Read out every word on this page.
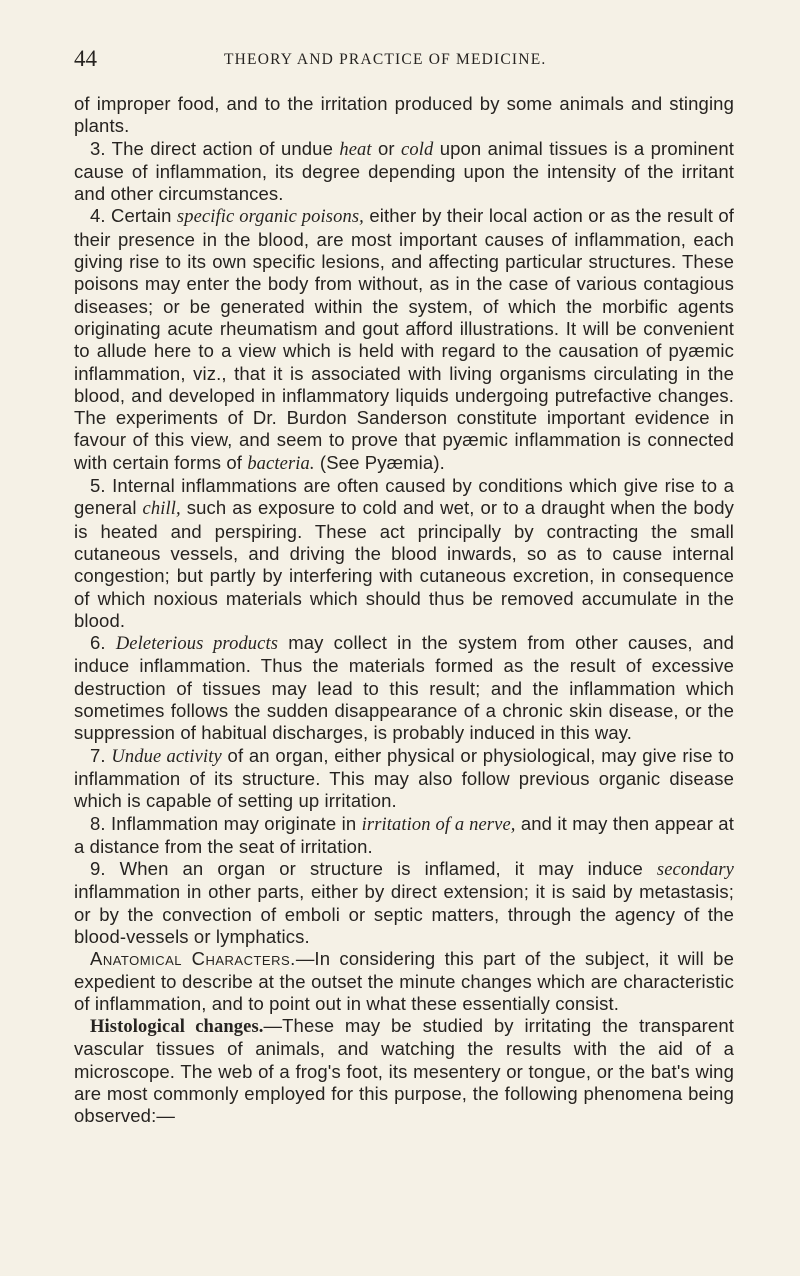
44	THEORY AND PRACTICE OF MEDICINE.

of improper food, and to the irritation produced by some animals and stinging plants.

3. The direct action of undue heat or cold upon animal tissues is a prominent cause of inflammation, its degree depending upon the intensity of the irritant and other circumstances.

4. Certain specific organic poisons, either by their local action or as the result of their presence in the blood, are most important causes of inflammation, each giving rise to its own specific lesions, and affecting particular structures. These poisons may enter the body from without, as in the case of various contagious diseases; or be generated within the system, of which the morbific agents originating acute rheumatism and gout afford illustrations. It will be convenient to allude here to a view which is held with regard to the causation of pyæmic inflammation, viz., that it is associated with living organisms circulating in the blood, and developed in inflammatory liquids undergoing putrefactive changes. The experiments of Dr. Burdon Sanderson constitute important evidence in favour of this view, and seem to prove that pyæmic inflammation is connected with certain forms of bacteria. (See Pyæmia).

5. Internal inflammations are often caused by conditions which give rise to a general chill, such as exposure to cold and wet, or to a draught when the body is heated and perspiring. These act principally by contracting the small cutaneous vessels, and driving the blood inwards, so as to cause internal congestion; but partly by interfering with cutaneous excretion, in consequence of which noxious materials which should thus be removed accumulate in the blood.

6. Deleterious products may collect in the system from other causes, and induce inflammation. Thus the materials formed as the result of excessive destruction of tissues may lead to this result; and the inflammation which sometimes follows the sudden disappearance of a chronic skin disease, or the suppression of habitual discharges, is probably induced in this way.

7. Undue activity of an organ, either physical or physiological, may give rise to inflammation of its structure. This may also follow previous organic disease which is capable of setting up irritation.

8. Inflammation may originate in irritation of a nerve, and it may then appear at a distance from the seat of irritation.

9. When an organ or structure is inflamed, it may induce secondary inflammation in other parts, either by direct extension; it is said by metastasis; or by the convection of emboli or septic matters, through the agency of the blood-vessels or lymphatics.

Anatomical Characters.—In considering this part of the subject, it will be expedient to describe at the outset the minute changes which are characteristic of inflammation, and to point out in what these essentially consist.

Histological changes.—These may be studied by irritating the transparent vascular tissues of animals, and watching the results with the aid of a microscope. The web of a frog's foot, its mesentery or tongue, or the bat's wing are most commonly employed for this purpose, the following phenomena being observed:—
